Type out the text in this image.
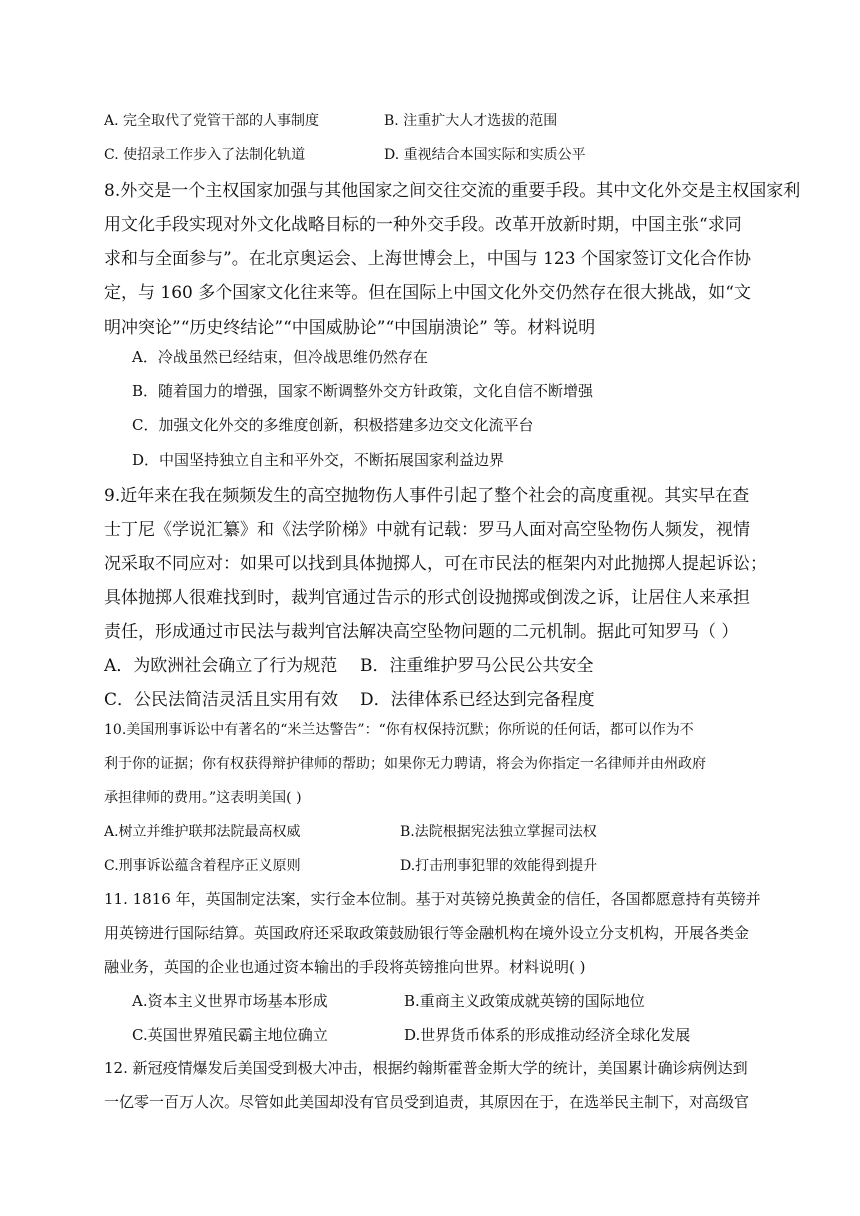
A. 完全取代了党管干部的人事制度	B. 注重扩大人才选拔的范围
C. 使招录工作步入了法制化轨道	D. 重视结合本国实际和实质公平
8.外交是一个主权国家加强与其他国家之间交往交流的重要手段。其中文化外交是主权国家利
用文化手段实现对外文化战略目标的一种外交手段。改革开放新时期，中国主张“求同
求和与全面参与”。在北京奥运会、上海世博会上，中国与 123 个国家签订文化合作协
定，与 160 多个国家文化往来等。但在国际上中国文化外交仍然存在很大挑战，如“文
明冲突论”“历史终结论”“中国威胁论”“中国崩溃论” 等。材料说明
A．冷战虽然已经结束，但冷战思维仍然存在
B．随着国力的增强，国家不断调整外交方针政策，文化自信不断增强
C．加强文化外交的多维度创新，积极搭建多边交文化流平台
D．中国坚持独立自主和平外交，不断拓展国家利益边界
9.近年来在我在频频发生的高空抛物伤人事件引起了整个社会的高度重视。其实早在查
士丁尼《学说汇纂》和《法学阶梯》中就有记载：罗马人面对高空坠物伤人频发，视情
况采取不同应对：如果可以找到具体抛掷人，可在市民法的框架内对此抛掷人提起诉讼；
具体抛掷人很难找到时，裁判官通过告示的形式创设抛掷或倒泼之诉，让居住人来承担
责任，形成通过市民法与裁判官法解决高空坠物问题的二元机制。据此可知罗马（ ）
A．为欧洲社会确立了行为规范 B．注重维护罗马公民公共安全
C．公民法简洁灵活且实用有效 D．法律体系已经达到完备程度
10.美国刑事诉讼中有著名的“米兰达警告”：“你有权保持沉默；你所说的任何话，都可以作为不
利于你的证据；你有权获得辩护律师的帮助；如果你无力聘请，将会为你指定一名律师并由州政府
承担律师的费用。”这表明美国( )
A.树立并维护联邦法院最高权威	B.法院根据宪法独立掌握司法权
C.刑事诉讼蕴含着程序正义原则	D.打击刑事犯罪的效能得到提升
11. 1816 年，英国制定法案，实行金本位制。基于对英镑兑换黄金的信任，各国都愿意持有英镑并
用英镑进行国际结算。英国政府还采取政策鼓励银行等金融机构在境外设立分支机构，开展各类金
融业务，英国的企业也通过资本输出的手段将英镑推向世界。材料说明( )
A.资本主义世界市场基本形成	B.重商主义政策成就英镑的国际地位
C.英国世界殖民霸主地位确立	D.世界货币体系的形成推动经济全球化发展
12. 新冠疫情爆发后美国受到极大冲击，根据约翰斯霍普金斯大学的统计，美国累计确诊病例达到
一亿零一百万人次。尽管如此美国却没有官员受到追责，其原因在于，在选举民主制下，对高级官
